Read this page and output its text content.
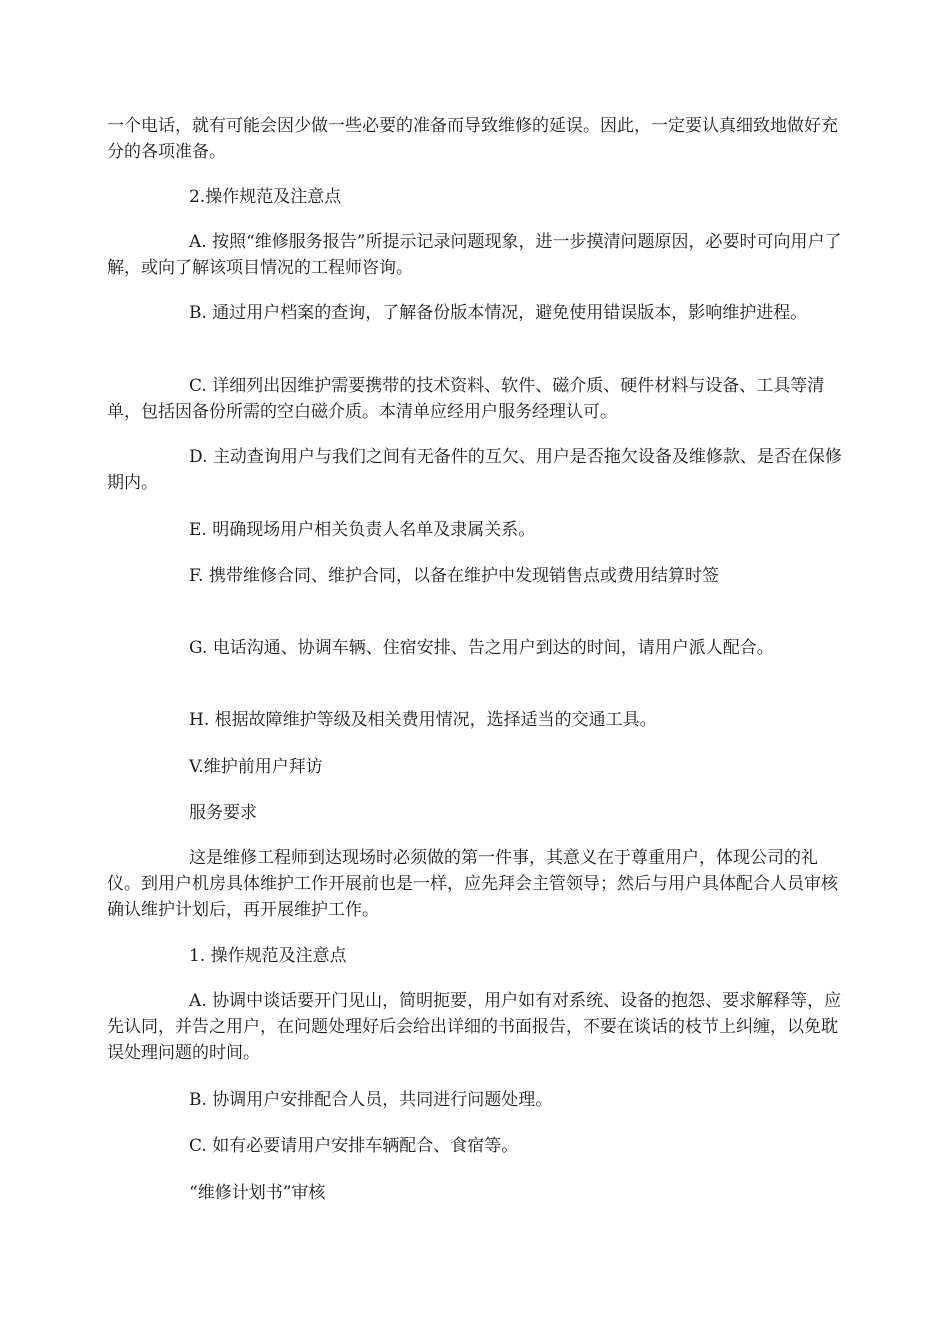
一个电话，就有可能会因少做一些必要的准备而导致维修的延误。因此，一定要认真细致地做好充分的各项准备。

2.操作规范及注意点

A. 按照“维修服务报告”所提示记录问题现象，进一步摸清问题原因，必要时可向用户了解，或向了解该项目情况的工程师咨询。

B. 通过用户档案的查询，了解备份版本情况，避免使用错误版本，影响维护进程。

C. 详细列出因维护需要携带的技术资料、软件、磁介质、硬件材料与设备、工具等清单，包括因备份所需的空白磁介质。本清单应经用户服务经理认可。

D. 主动查询用户与我们之间有无备件的互欠、用户是否拖欠设备及维修款、是否在保修期内。

E. 明确现场用户相关负责人名单及隶属关系。

F. 携带维修合同、维护合同，以备在维护中发现销售点或费用结算时签

G. 电话沟通、协调车辆、住宿安排、告之用户到达的时间，请用户派人配合。

H. 根据故障维护等级及相关费用情况，选择适当的交通工具。

V.维护前用户拜访

服务要求

这是维修工程师到达现场时必须做的第一件事，其意义在于尊重用户，体现公司的礼仪。到用户机房具体维护工作开展前也是一样，应先拜会主管领导；然后与用户具体配合人员审核确认维护计划后，再开展维护工作。

1. 操作规范及注意点

A. 协调中谈话要开门见山，简明扼要，用户如有对系统、设备的抱怨、要求解释等，应先认同，并告之用户，在问题处理好后会给出详细的书面报告，不要在谈话的枝节上纠缠，以免耽误处理问题的时间。

B. 协调用户安排配合人员，共同进行问题处理。

C. 如有必要请用户安排车辆配合、食宿等。

“维修计划书”审核
